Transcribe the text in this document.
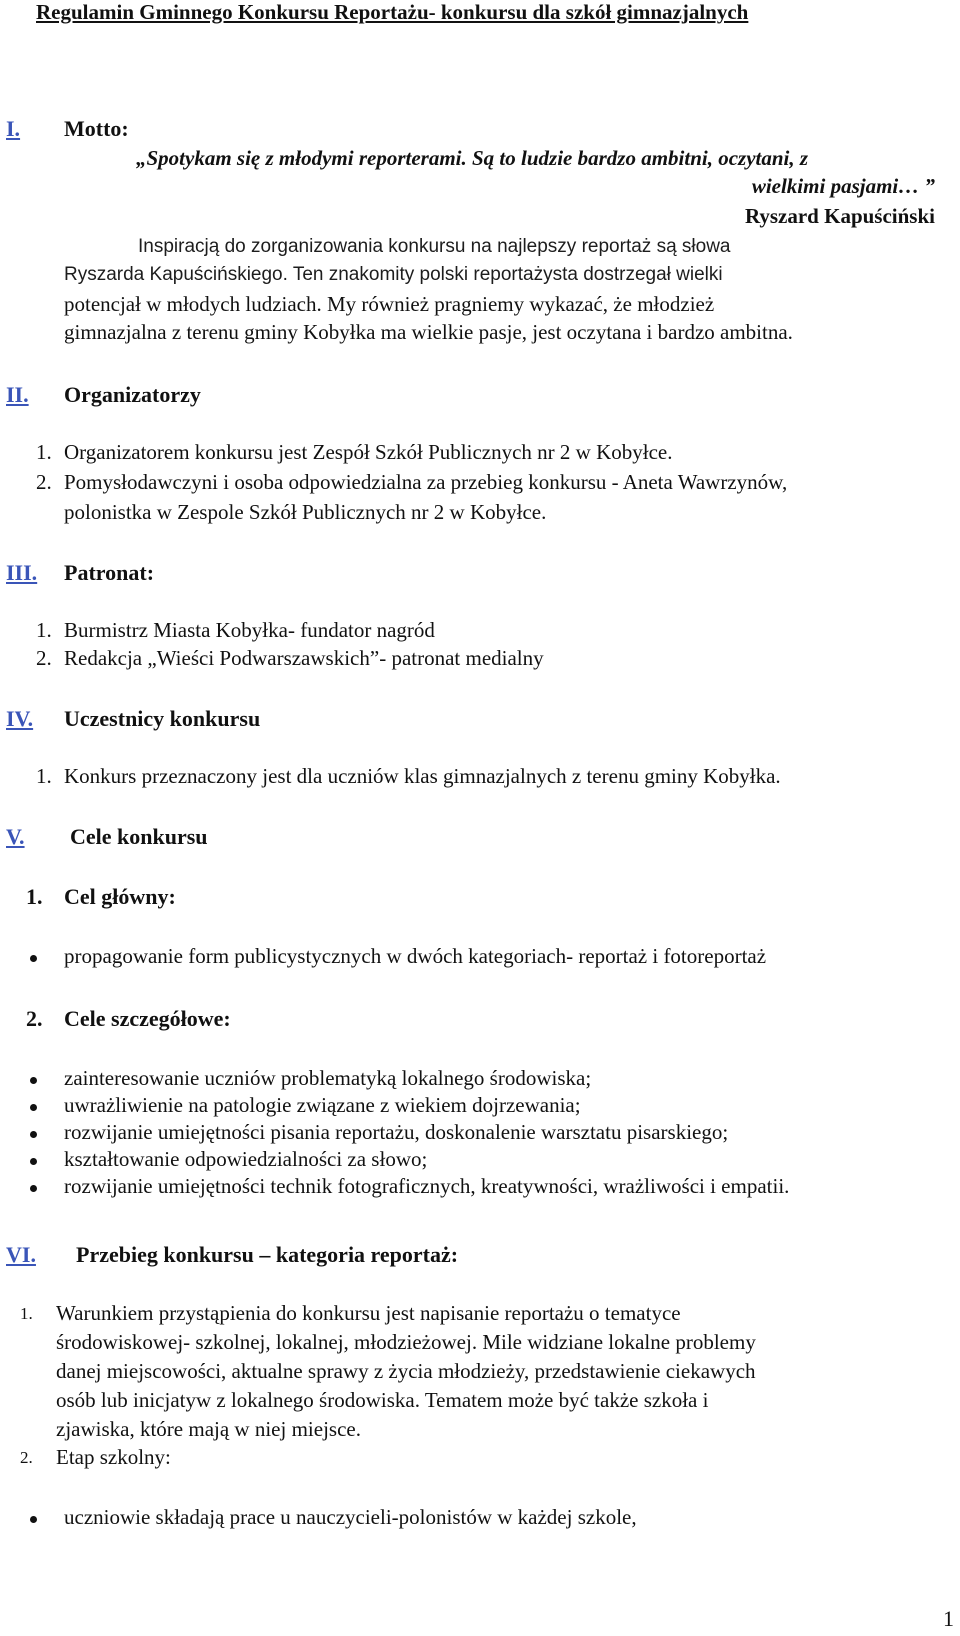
Regulamin Gminnego Konkursu Reportażu- konkursu dla szkół gimnazjalnych
I. Motto:
„Spotykam się z młodymi reporterami. Są to ludzie bardzo ambitni, oczytani, z
wielkimi pasjami… ”
Ryszard Kapuściński
Inspiracją do zorganizowania konkursu na najlepszy reportaż są słowa
Ryszarda Kapuścińskiego. Ten znakomity polski reportażysta dostrzegał wielki
potencjał w młodych ludziach. My również pragniemy wykazać, że młodzież
gimnazjalna z terenu gminy Kobyłka ma wielkie pasje, jest oczytana i bardzo ambitna.
II. Organizatorzy
1. Organizatorem konkursu jest Zespół Szkół Publicznych nr 2 w Kobyłce.
2. Pomysłodawczyni i osoba odpowiedzialna za przebieg konkursu - Aneta Wawrzynów,
polonistka w Zespole Szkół Publicznych nr 2 w Kobyłce.
III. Patronat:
1. Burmistrz Miasta Kobyłka- fundator nagród
2. Redakcja „Wieści Podwarszawskich”- patronat medialny
IV. Uczestnicy konkursu
1. Konkurs przeznaczony jest dla uczniów klas gimnazjalnych z terenu gminy Kobyłka.
V. Cele konkursu
1. Cel główny:
propagowanie form publicystycznych w dwóch kategoriach- reportaż i fotoreportaż
2. Cele szczegółowe:
zainteresowanie uczniów problematyką lokalnego środowiska;
uwrażliwienie na patologie związane z wiekiem dojrzewania;
rozwijanie umiejętności pisania reportażu, doskonalenie warsztatu pisarskiego;
kształtowanie odpowiedzialności za słowo;
rozwijanie umiejętności technik fotograficznych, kreatywności, wrażliwości i empatii.
VI. Przebieg konkursu – kategoria reportaż:
1. Warunkiem przystąpienia do konkursu jest napisanie reportażu o tematyce
środowiskowej- szkolnej, lokalnej, młodzieżowej. Mile widziane lokalne problemy
danej miejscowości, aktualne sprawy z życia młodzieży, przedstawienie ciekawych
osób lub inicjatyw z lokalnego środowiska. Tematem może być także szkoła i
zjawiska, które mają w niej miejsce.
2. Etap szkolny:
uczniowie składają prace u nauczycieli-polonistów w każdej szkole,
1
